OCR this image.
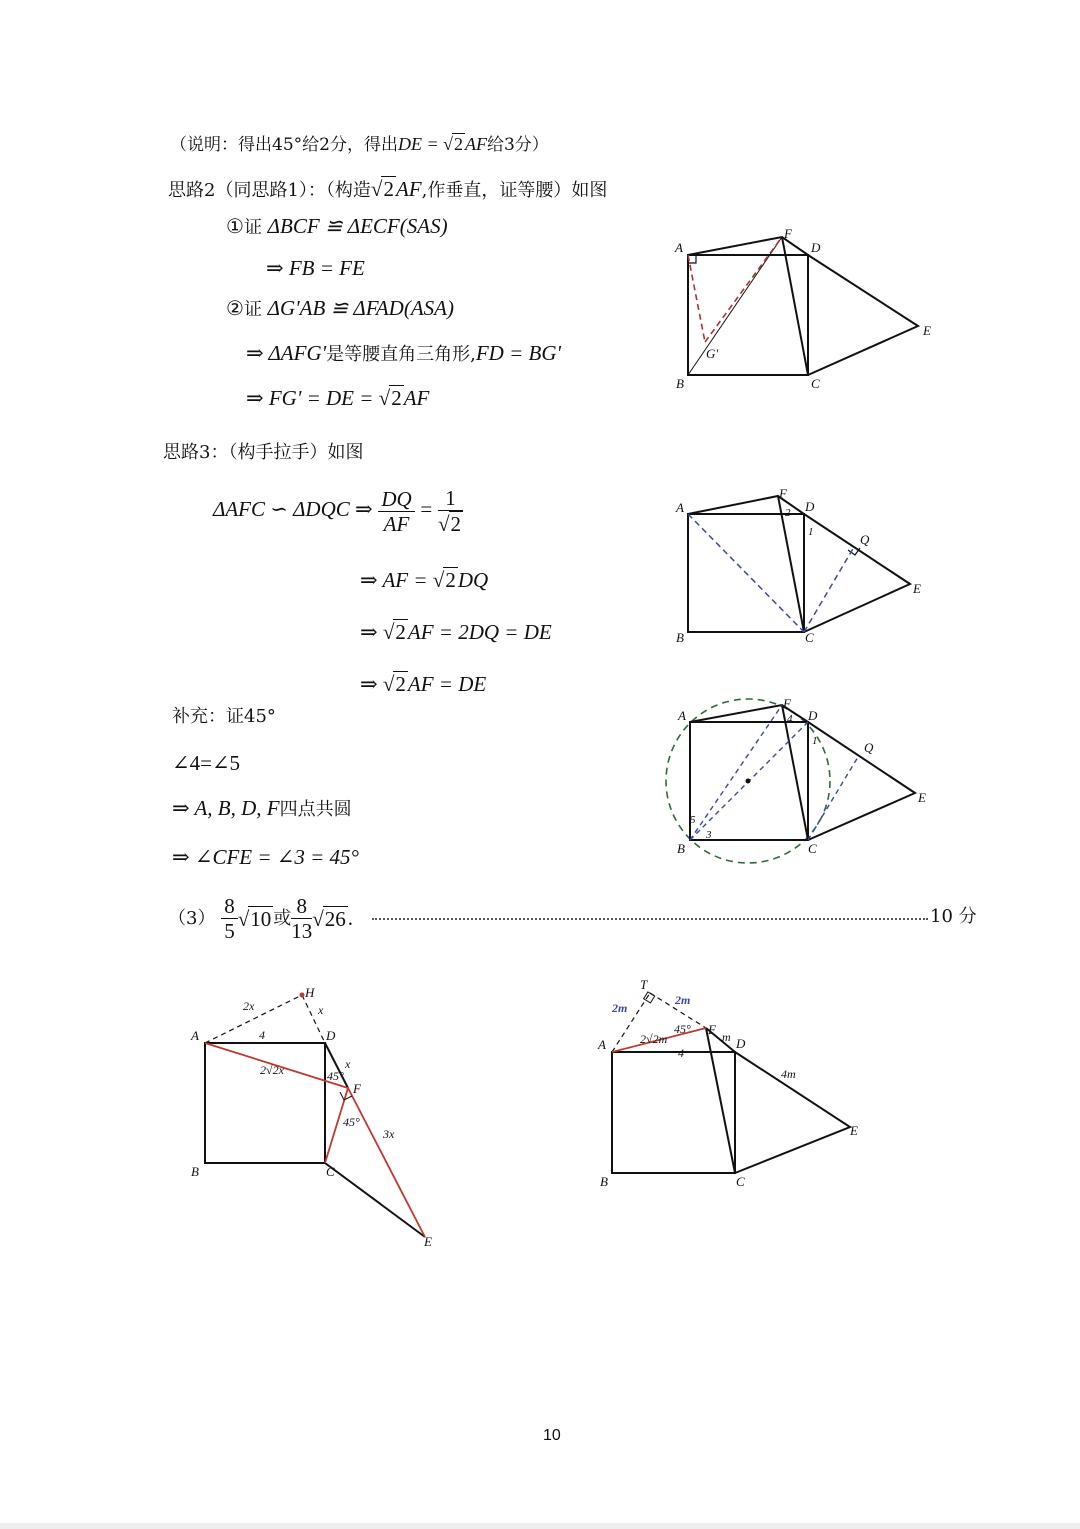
（说明：得出45°给2分，得出DE = √2 AF给3分）
思路2（同思路1）：（构造√2AF,作垂直，证等腰）如图
①证 ΔBCF ≌ ΔECF(SAS)
⇒ FB = FE
②证 ΔG'AB ≌ ΔFAD(ASA)
⇒ ΔAFG'是等腰直角三角形,FD = BG'
⇒ FG' = DE = √2AF
思路3：（构手拉手）如图
ΔAFC ∽ ΔDQC ⇒ $\frac{DQ}{AF} = \frac{1}{√2}$
⇒ AF = √2DQ
⇒ √2AF = 2DQ = DE
⇒ √2AF = DE
补充：证45°
∠4=∠5
⇒ A, B, D, F四点共圆
⇒ ∠CFE = ∠3 = 45°
$(3) \frac{8}{5} √10$ 或 $\frac{8}{13} √26$.	10 分
A
F
D
E
G'
B	C
A
F
D
Q
E
B	C
2
1
A
F
D
Q
E
B	C
4
1
5
3
A
H
D
F
B	C
E
2x	x
x
3x
4
2√2x	45°
45°
T
A
F
D
E
B	C
2m
2m
2√2m
45°
m
4
4m
10
